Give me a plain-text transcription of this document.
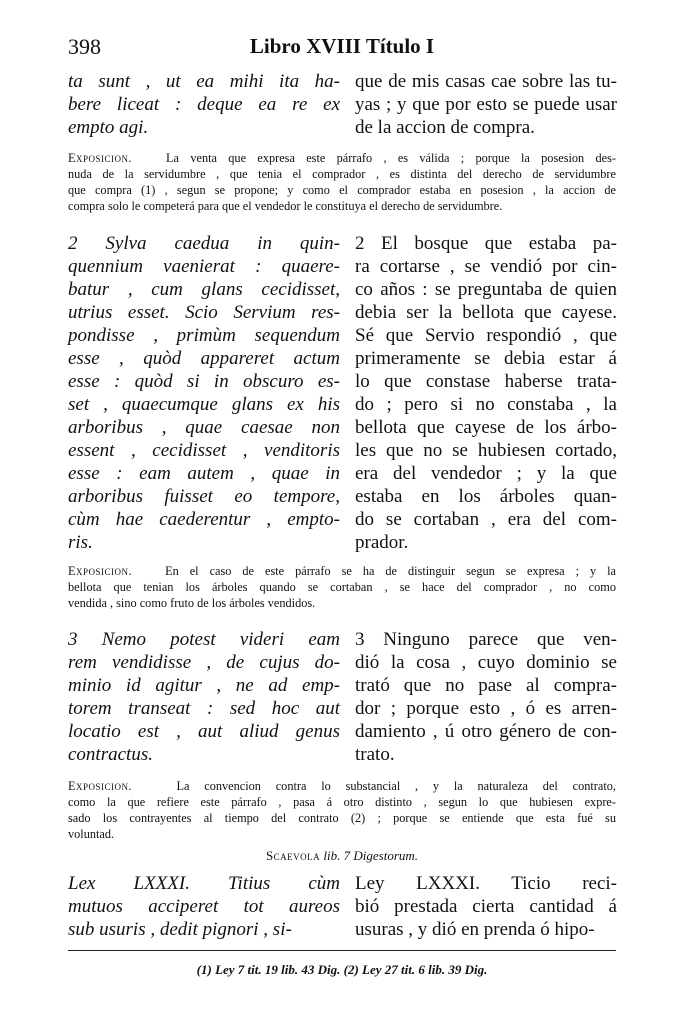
398	Libro XVIII Título I
ta sunt , ut ea mihi ita ha-
bere liceat : deque ea re ex
empto agi.
que de mis casas cae sobre las tu-
yas ; y que por esto se puede usar
de la accion de compra.
Exposicion.	La venta que expresa este párrafo , es válida ; porque la posesion des-
nuda de la servidumbre , que tenia el comprador , es distinta del derecho de servidumbre
que compra (1) , segun se propone; y como el comprador estaba en posesion , la accion de
compra solo le competerá para que el vendedor le constituya el derecho de servidumbre.
2 Sylva caedua in quin-
quennium vaenierat : quaere-
batur , cum glans cecidisset,
utrius esset. Scio Servium res-
pondisse , primùm sequendum
esse , quòd appareret actum
esse : quòd si in obscuro es-
set , quaecumque glans ex his
arboribus , quae caesae non
essent , cecidisset , venditoris
esse : eam autem , quae in
arboribus fuisset eo tempore,
cùm hae caederentur , empto-
ris.
2 El bosque que estaba pa-
ra cortarse , se vendió por cin-
co años : se preguntaba de quien
debia ser la bellota que cayese.
Sé que Servio respondió , que
primeramente se debia estar á
lo que constase haberse trata-
do ; pero si no constaba , la
bellota que cayese de los árbo-
les que no se hubiesen cortado,
era del vendedor ; y la que
estaba en los árboles quan-
do se cortaban , era del com-
prador.
Exposicion.	En el caso de este párrafo se ha de distinguir segun se expresa ; y la
bellota que tenian los árboles quando se cortaban , se hace del comprador , no como
vendida , sino como fruto de los árboles vendidos.
3 Nemo potest videri eam
rem vendidisse , de cujus do-
minio id agitur , ne ad emp-
torem transeat : sed hoc aut
locatio est , aut aliud genus
contractus.
3 Ninguno parece que ven-
dió la cosa , cuyo dominio se
trató que no pase al compra-
dor ; porque esto , ó es arren-
damiento , ú otro género de con-
trato.
Exposicion.	La convencion contra lo substancial , y la naturaleza del contrato,
como la que refiere este párrafo , pasa á otro distinto , segun lo que hubiesen expre-
sado los contrayentes al tiempo del contrato (2) ; porque se entiende que esta fué su
voluntad.
Scaevola lib. 7 Digestorum.
Lex LXXXI. Titius cùm
mutuos acciperet tot aureos
sub usuris , dedit pignori , si-
Ley LXXXI. Ticio reci-
bió prestada cierta cantidad á
usuras , y dió en prenda ó hipo-
(1) Ley 7 tit. 19 lib. 43 Dig. (2) Ley 27 tit. 6 lib. 39 Dig.
